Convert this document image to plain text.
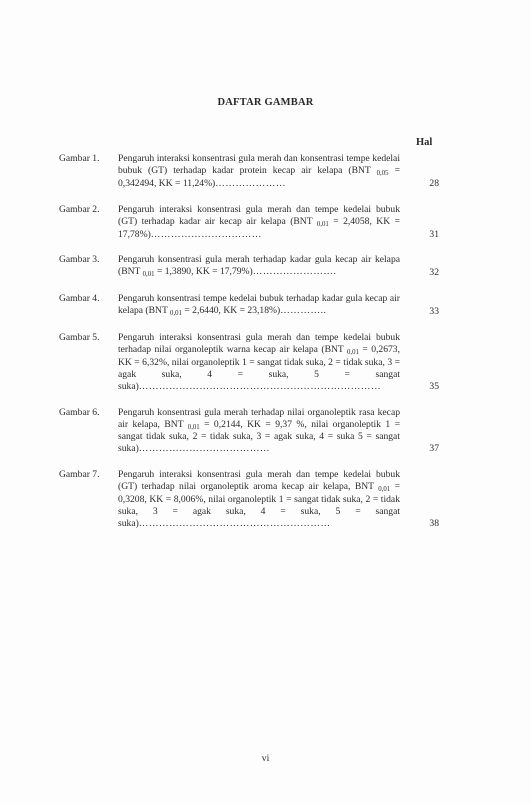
DAFTAR GAMBAR
Hal
Gambar 1.	Pengaruh interaksi konsentrasi gula merah dan konsentrasi tempe kedelai bubuk (GT) terhadap kadar protein kecap air kelapa (BNT $_{0,05}$ = 0,342494, KK = 11,24%)…………………	28
Gambar 2.	Pengaruh interaksi konsentrasi gula merah dan tempe kedelai bubuk (GT) terhadap kadar air kecap air kelapa (BNT $_{0,01}$ = 2,4058, KK = 17,78%)……………………………	31
Gambar 3.	Pengaruh konsentrasi gula merah terhadap kadar gula kecap air kelapa (BNT $_{0,01}$ = 1,3890, KK = 17,79%)…………………….	32
Gambar 4.	Pengaruh konsentrasi tempe kedelai bubuk terhadap kadar gula kecap air kelapa (BNT $_{0,01}$ = 2,6440, KK = 23,18%)…………..	33
Gambar 5.	Pengaruh interaksi konsentrasi gula merah dan tempe kedelai bubuk terhadap nilai organoleptik warna kecap air kelapa (BNT $_{0,01}$ = 0,2673, KK = 6,32%, nilai organoleptik 1 = sangat tidak suka, 2 = tidak suka, 3 = agak suka, 4 = suka, 5 = sangat suka)………………………………………………………………	35
Gambar 6.	Pengaruh konsentrasi gula merah terhadap nilai organoleptik rasa kecap air kelapa, BNT $_{0,01}$ = 0,2144, KK = 9,37 %, nilai organoleptik 1 = sangat tidak suka, 2 = tidak suka, 3 = agak suka, 4 = suka 5 = sangat suka)…………………………………	37
Gambar 7.	Pengaruh interaksi konsentrasi gula merah dan tempe kedelai bubuk (GT) terhadap nilai organoleptik aroma kecap air kelapa, BNT $_{0,01}$ = 0,3208, KK = 8,006%, nilai organoleptik 1 = sangat tidak suka, 2 = tidak suka, 3 = agak suka, 4 = suka, 5 = sangat suka)…………………………………………………	38
vi
